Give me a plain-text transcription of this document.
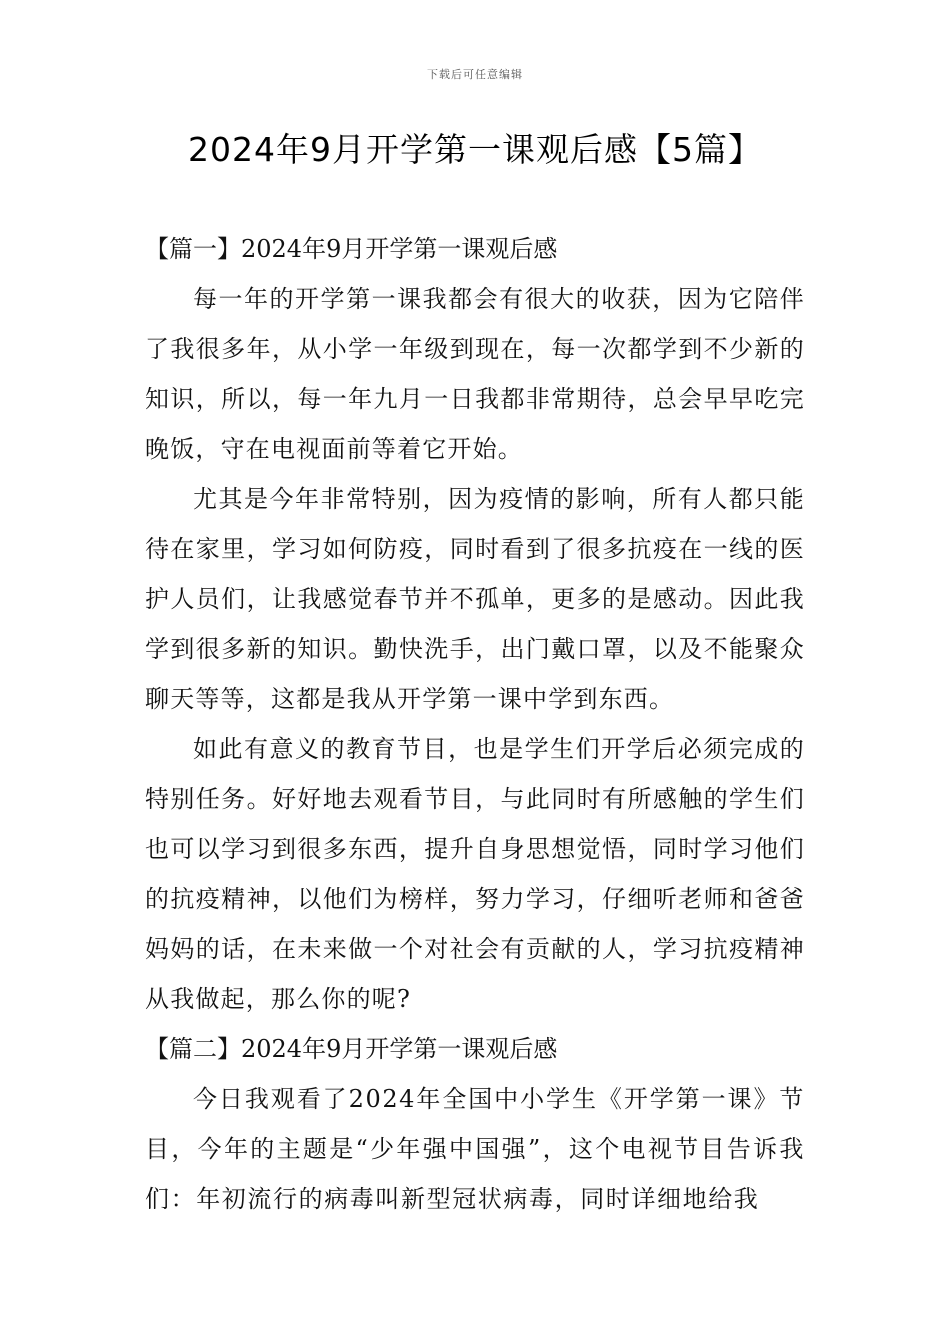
下载后可任意编辑
2024年9月开学第一课观后感【5篇】
【篇一】2024年9月开学第一课观后感

每一年的开学第一课我都会有很大的收获，因为它陪伴了我很多年，从小学一年级到现在，每一次都学到不少新的知识，所以，每一年九月一日我都非常期待，总会早早吃完晚饭，守在电视面前等着它开始。

尤其是今年非常特别，因为疫情的影响，所有人都只能待在家里，学习如何防疫，同时看到了很多抗疫在一线的医护人员们，让我感觉春节并不孤单，更多的是感动。因此我学到很多新的知识。勤快洗手，出门戴口罩，以及不能聚众聊天等等，这都是我从开学第一课中学到东西。

如此有意义的教育节目，也是学生们开学后必须完成的特别任务。好好地去观看节目，与此同时有所感触的学生们也可以学习到很多东西，提升自身思想觉悟，同时学习他们的抗疫精神，以他们为榜样，努力学习，仔细听老师和爸爸妈妈的话，在未来做一个对社会有贡献的人，学习抗疫精神从我做起，那么你的呢?

【篇二】2024年9月开学第一课观后感

今日我观看了2024年全国中小学生《开学第一课》节目，今年的主题是“少年强中国强”，这个电视节目告诉我们：年初流行的病毒叫新型冠状病毒，同时详细地给我
